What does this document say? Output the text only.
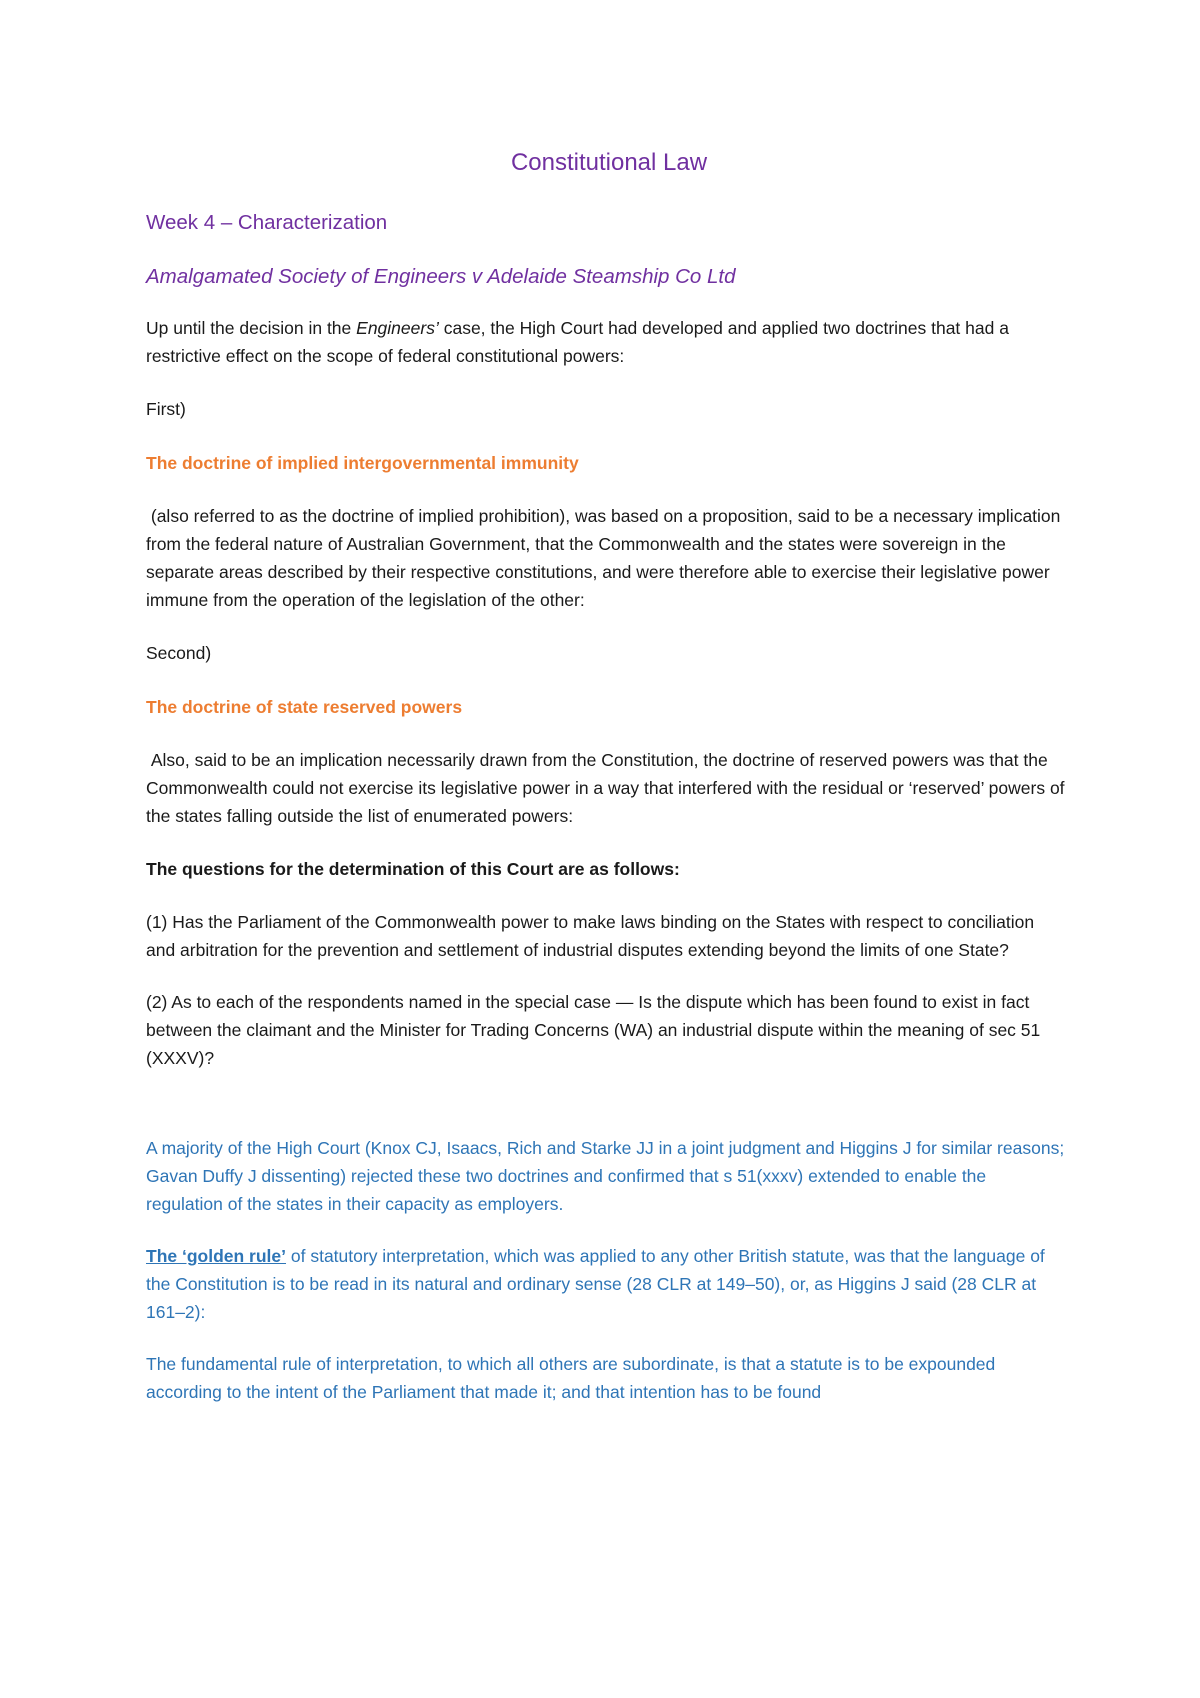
Constitutional Law
Week 4 – Characterization
Amalgamated Society of Engineers v Adelaide Steamship Co Ltd

Up until the decision in the Engineers’ case, the High Court had developed and applied two doctrines that had a restrictive effect on the scope of federal constitutional powers:

First)

The doctrine of implied intergovernmental immunity

(also referred to as the doctrine of implied prohibition), was based on a proposition, said to be a necessary implication from the federal nature of Australian Government, that the Commonwealth and the states were sovereign in the separate areas described by their respective constitutions, and were therefore able to exercise their legislative power immune from the operation of the legislation of the other:

Second)

The doctrine of state reserved powers

Also, said to be an implication necessarily drawn from the Constitution, the doctrine of reserved powers was that the Commonwealth could not exercise its legislative power in a way that interfered with the residual or ‘reserved’ powers of the states falling outside the list of enumerated powers:

The questions for the determination of this Court are as follows:

(1) Has the Parliament of the Commonwealth power to make laws binding on the States with respect to conciliation and arbitration for the prevention and settlement of industrial disputes extending beyond the limits of one State?

(2) As to each of the respondents named in the special case — Is the dispute which has been found to exist in fact between the claimant and the Minister for Trading Concerns (WA) an industrial dispute within the meaning of sec 51 (XXXV)?

A majority of the High Court (Knox CJ, Isaacs, Rich and Starke JJ in a joint judgment and Higgins J for similar reasons; Gavan Duffy J dissenting) rejected these two doctrines and confirmed that s 51(xxxv) extended to enable the regulation of the states in their capacity as employers.

The ‘golden rule’ of statutory interpretation, which was applied to any other British statute, was that the language of the Constitution is to be read in its natural and ordinary sense (28 CLR at 149–50), or, as Higgins J said (28 CLR at 161–2):

The fundamental rule of interpretation, to which all others are subordinate, is that a statute is to be expounded according to the intent of the Parliament that made it; and that intention has to be found
